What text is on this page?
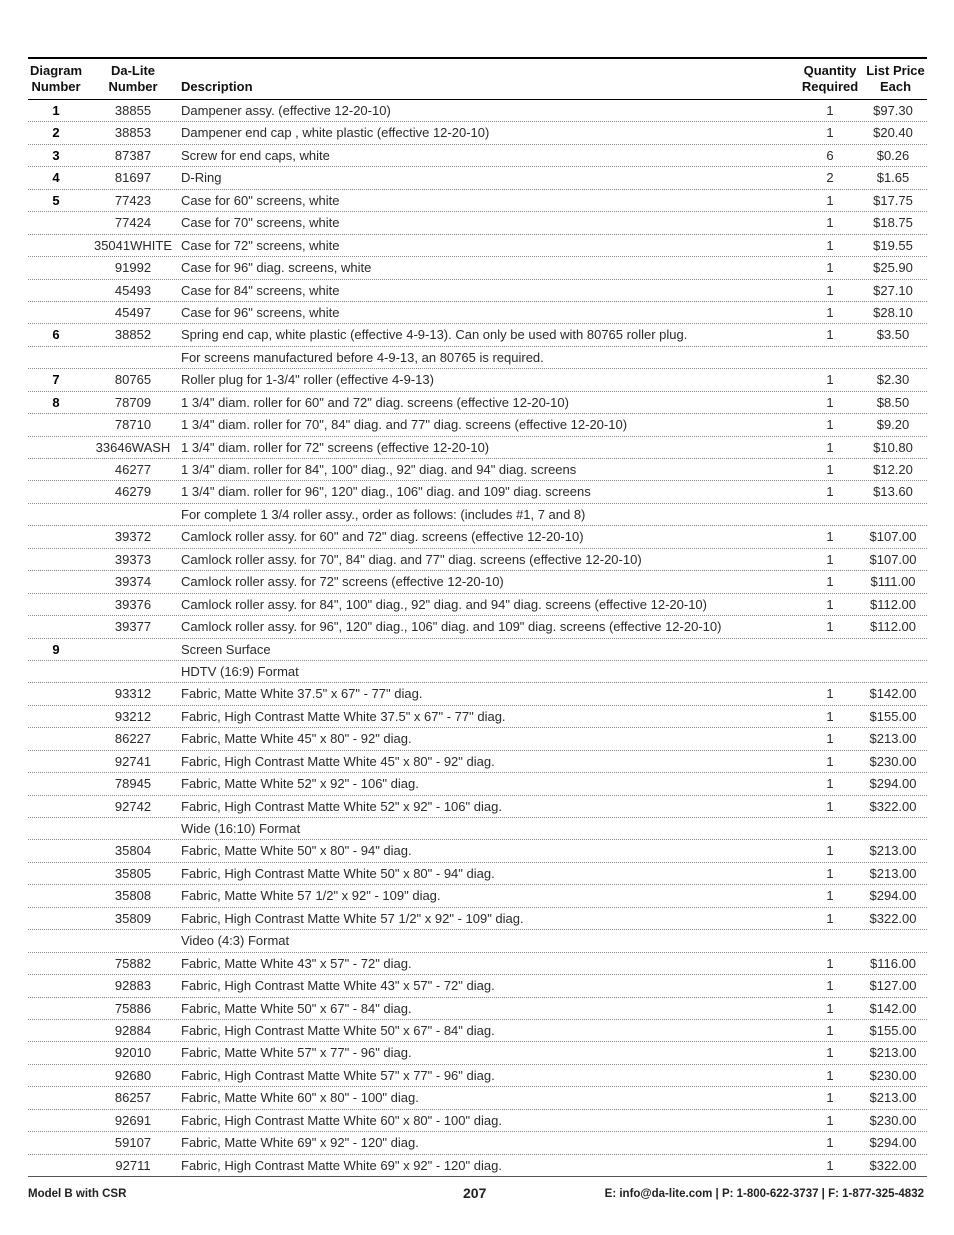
Diagram
Number
Da-Lite
Number	Description
Quantity
Required
List Price
Each
1	38855	Dampener assy. (effective 12-20-10)	1	$97.30
2	38853	Dampener end cap , white plastic (effective 12-20-10)	1	$20.40
3	87387	Screw for end caps, white	6	$0.26
4	81697	D-Ring	2	$1.65
5	77423	Case for 60" screens, white	1	$17.75
77424	Case for 70" screens, white	1	$18.75
35041WHITE Case for 72" screens, white	1	$19.55
91992	Case for 96" diag. screens, white	1	$25.90
45493	Case for 84" screens, white	1	$27.10
45497	Case for 96" screens, white	1	$28.10
6	38852	Spring end cap, white plastic (effective 4-9-13). Can only be used with 80765 roller plug.	1	$3.50
For screens manufactured before 4-9-13, an 80765 is required.
7	80765	Roller plug for 1-3/4" roller (effective 4-9-13)	1	$2.30
8	78709	1 3/4" diam. roller for 60" and 72" diag. screens (effective 12-20-10)	1	$8.50
78710	1 3/4" diam. roller for 70", 84" diag. and 77" diag. screens (effective 12-20-10)	1	$9.20
33646WASH 1 3/4" diam. roller for 72" screens (effective 12-20-10)	1	$10.80
46277	1 3/4" diam. roller for 84", 100" diag., 92" diag. and 94" diag. screens	1	$12.20
46279	1 3/4" diam. roller for 96", 120" diag., 106" diag. and 109" diag. screens	1	$13.60
For complete 1 3/4 roller assy., order as follows: (includes #1, 7 and 8)
39372	Camlock roller assy. for 60" and 72" diag. screens (effective 12-20-10)	1	$107.00
39373	Camlock roller assy. for 70", 84" diag. and 77" diag. screens (effective 12-20-10)	1	$107.00
39374	Camlock roller assy. for 72" screens (effective 12-20-10)	1	$111.00
39376	Camlock roller assy. for 84", 100" diag., 92" diag. and 94" diag. screens (effective 12-20-10)	1	$112.00
39377	Camlock roller assy. for 96", 120" diag., 106" diag. and 109" diag. screens (effective 12-20-10)	1	$112.00
9	Screen Surface
HDTV (16:9) Format
93312	Fabric, Matte White 37.5" x 67" - 77" diag.	1	$142.00
93212	Fabric, High Contrast Matte White 37.5" x 67" - 77" diag.	1	$155.00
86227	Fabric, Matte White 45" x 80" - 92" diag.	1	$213.00
92741	Fabric, High Contrast Matte White 45" x 80" - 92" diag.	1	$230.00
78945	Fabric, Matte White 52" x 92" - 106" diag.	1	$294.00
92742	Fabric, High Contrast Matte White 52" x 92" - 106" diag.	1	$322.00
Wide (16:10) Format
35804	Fabric, Matte White 50" x 80" - 94" diag.	1	$213.00
35805	Fabric, High Contrast Matte White 50" x 80" - 94" diag.	1	$213.00
35808	Fabric, Matte White 57 1/2" x 92" - 109" diag.	1	$294.00
35809	Fabric, High Contrast Matte White 57 1/2" x 92" - 109" diag.	1	$322.00
Video (4:3) Format
75882	Fabric, Matte White 43" x 57" - 72" diag.	1	$116.00
92883	Fabric, High Contrast Matte White 43" x 57" - 72" diag.	1	$127.00
75886	Fabric, Matte White 50" x 67" - 84" diag.	1	$142.00
92884	Fabric, High Contrast Matte White 50" x 67" - 84" diag.	1	$155.00
92010	Fabric, Matte White 57" x 77" - 96" diag.	1	$213.00
92680	Fabric, High Contrast Matte White 57" x 77" - 96" diag.	1	$230.00
86257	Fabric, Matte White 60" x 80" - 100" diag.	1	$213.00
92691	Fabric, High Contrast Matte White 60" x 80" - 100" diag.	1	$230.00
59107	Fabric, Matte White 69" x 92" - 120" diag.	1	$294.00
92711	Fabric, High Contrast Matte White 69" x 92" - 120" diag.	1	$322.00
Model B with CSR	207	E: info@da-lite.com | P: 1-800-622-3737 | F: 1-877-325-4832
